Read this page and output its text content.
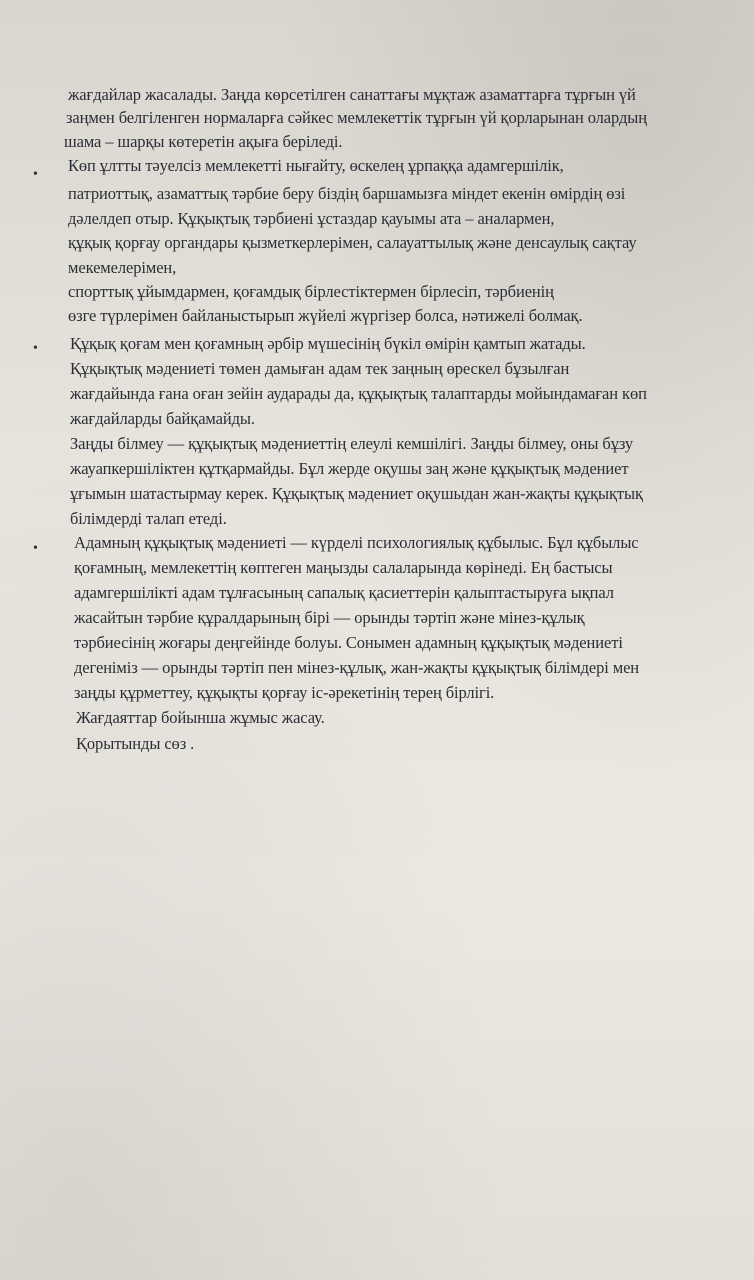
жағдайлар жасалады. Заңда көрсетілген санаттағы мұқтаж азаматтарға тұрғын үй
заңмен белгіленген нормаларға сәйкес мемлекеттік тұрғын үй қорларынан олардың
шама – шарқы көтеретін ақыға беріледі.
• Көп ұлтты тәуелсіз мемлекетті нығайту, өскелең ұрпаққа адамгершілік,
патриоттық, азаматтық тәрбие беру біздің баршамызға міндет екенін өмірдің өзі
дәлелдеп отыр. Құқықтық тәрбиені ұстаздар қауымы ата – аналармен,
құқық қорғау органдары қызметкерлерімен, салауаттылық және денсаулық сақтау
мекемелерімен,
спорттық ұйымдармен, қоғамдық бірлестіктермен бірлесіп, тәрбиенің
өзге түрлерімен байланыстырып жүйелі жүргізер болса, нәтижелі болмақ.
• Құқық қоғам мен қоғамның әрбір мүшесінің бүкіл өмірін қамтып жатады.
Құқықтық мәдениеті төмен дамыған адам тек заңның өрескел бұзылған
жағдайында ғана оған зейін аударады да, құқықтық талаптарды мойындамаған көп
жағдайларды байқамайды.
Заңды білмеу — құқықтық мәдениеттің елеулі кемшілігі. Заңды білмеу, оны бұзу
жауапкершіліктен құтқармайды. Бұл жерде оқушы заң және құқықтық мәдениет
ұғымын шатастырмау керек. Құқықтық мәдениет оқушыдан жан-жақты құқықтық
білімдерді талап етеді.
• Адамның құқықтық мәдениеті — күрделі психологиялық құбылыс. Бұл құбылыс
қоғамның, мемлекеттің көптеген маңызды салаларында көрінеді. Ең бастысы
адамгершілікті адам тұлғасының сапалық қасиеттерін қалыптастыруға ықпал
жасайтын тәрбие құралдарының бірі — орынды тәртіп және мінез-құлық
тәрбиесінің жоғары деңгейінде болуы. Сонымен адамның құқықтық мәдениеті
дегеніміз — орынды тәртіп пен мінез-құлық, жан-жақты құқықтық білімдері мен
заңды құрметтеу, құқықты қорғау іс-әрекетінің терең бірлігі.
Жағдаяттар бойынша жұмыс жасау.
Қорытынды сөз .
